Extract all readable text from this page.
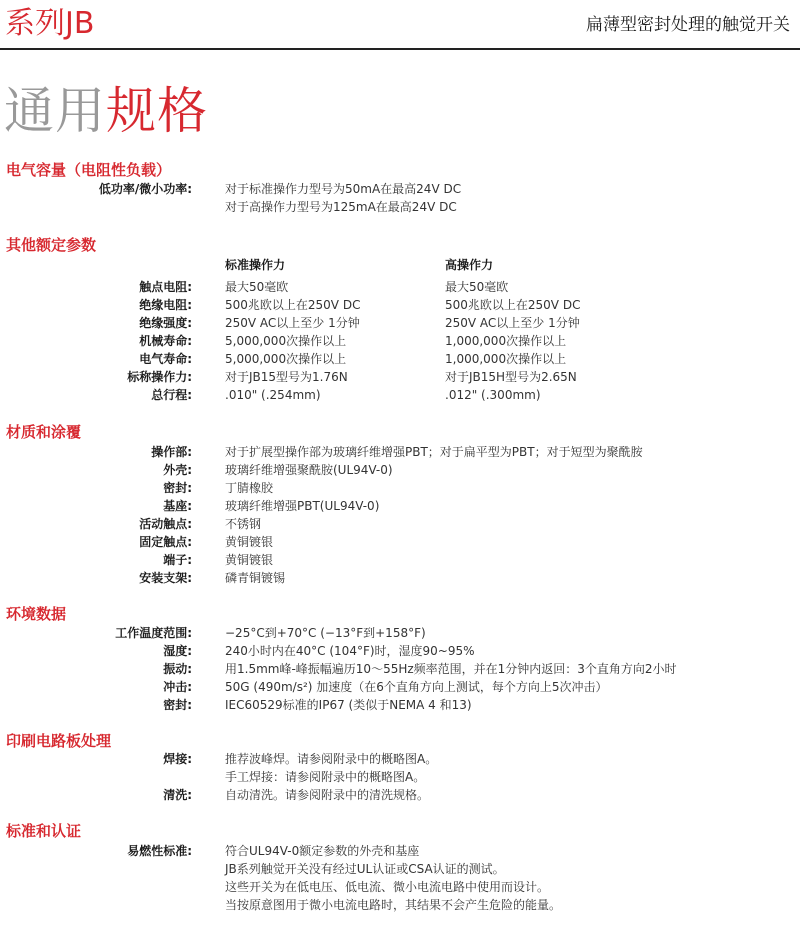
系列JB	扁薄型密封处理的触觉开关
通用规格
电气容量（电阻性负载）
低功率/微小功率:	对于标准操作力型号为50mA在最高24V DC
对于高操作力型号为125mA在最高24V DC
其他额定参数
标准操作力	高操作力
触点电阻:	最大50毫欧	最大50毫欧
绝缘电阻:	500兆欧以上在250V DC	500兆欧以上在250V DC
绝缘强度:	250V AC以上至少 1分钟	250V AC以上至少 1分钟
机械寿命:	5,000,000次操作以上	1,000,000次操作以上
电气寿命:	5,000,000次操作以上	1,000,000次操作以上
标称操作力:	对于JB15型号为1.76N	对于JB15H型号为2.65N
总行程:	.010" (.254mm)	.012" (.300mm)
材质和涂覆
操作部:	对于扩展型操作部为玻璃纤维增强PBT；对于扁平型为PBT；对于短型为聚酰胺
外壳:	玻璃纤维增强聚酰胺(UL94V-0)
密封:	丁腈橡胶
基座:	玻璃纤维增强PBT(UL94V-0)
活动触点:	不锈钢
固定触点:	黄铜镀银
端子:	黄铜镀银
安装支架:	磷青铜镀锡
环境数据
工作温度范围:	−25°C到+70°C (−13°F到+158°F)
湿度:	240小时内在40°C (104°F)时，湿度90~95%
振动:	用1.5mm峰-峰振幅遍历10～55Hz频率范围，并在1分钟内返回：3个直角方向2小时
冲击:	50G (490m/s²) 加速度（在6个直角方向上测试，每个方向上5次冲击）
密封:	IEC60529标准的IP67 (类似于NEMA 4 和13)
印刷电路板处理
焊接:	推荐波峰焊。请参阅附录中的概略图A。
手工焊接：请参阅附录中的概略图A。
清洗:	自动清洗。请参阅附录中的清洗规格。
标准和认证
易燃性标准:	符合UL94V-0额定参数的外壳和基座
JB系列触觉开关没有经过UL认证或CSA认证的测试。
这些开关为在低电压、低电流、微小电流电路中使用而设计。
当按原意图用于微小电流电路时，其结果不会产生危险的能量。
